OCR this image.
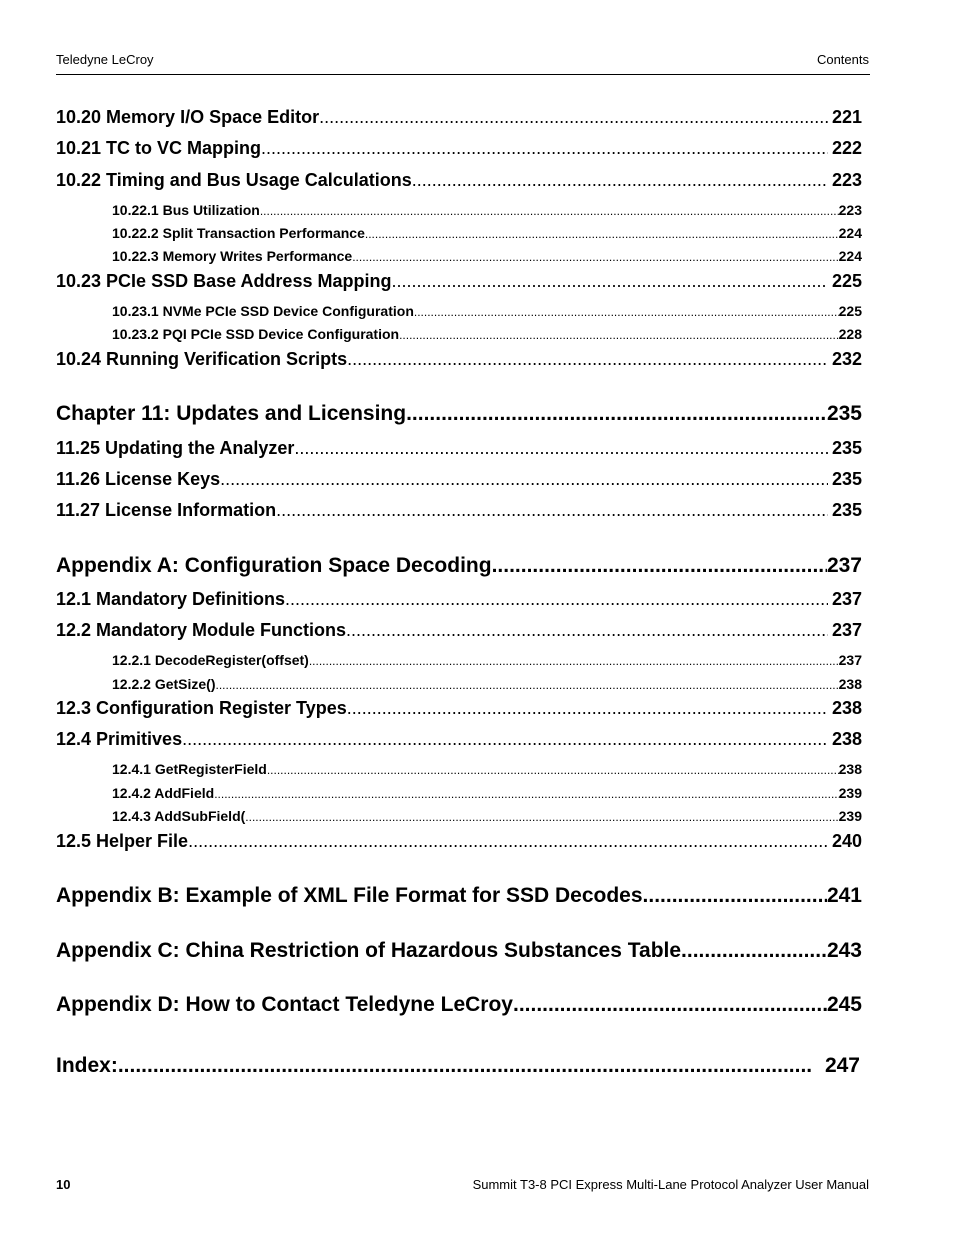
Teledyne LeCroy	Contents
10.20 Memory I/O Space Editor .....	221
10.21 TC to VC Mapping .....	222
10.22 Timing and Bus Usage Calculations .....	223
10.22.1 Bus Utilization .....	223
10.22.2 Split Transaction Performance .....	224
10.22.3 Memory Writes Performance .....	224
10.23 PCIe SSD Base Address Mapping .....	225
10.23.1 NVMe PCIe SSD Device Configuration .....	225
10.23.2 PQI PCIe SSD Device Configuration .....	228
10.24 Running Verification Scripts .....	232
Chapter 11: Updates and Licensing .....	235
11.25 Updating the Analyzer .....	235
11.26 License Keys .....	235
11.27 License Information .....	235
Appendix A: Configuration Space Decoding .....	237
12.1 Mandatory Definitions .....	237
12.2 Mandatory Module Functions .....	237
12.2.1 DecodeRegister(offset) .....	237
12.2.2 GetSize() .....	238
12.3 Configuration Register Types .....	238
12.4 Primitives .....	238
12.4.1 GetRegisterField .....	238
12.4.2 AddField .....	239
12.4.3 AddSubField( .....	239
12.5 Helper File .....	240
Appendix B: Example of XML File Format for SSD Decodes .....	241
Appendix C: China Restriction of Hazardous Substances Table .....	243
Appendix D: How to Contact Teledyne LeCroy .....	245
Index: .....	247
10	Summit T3-8 PCI Express Multi-Lane Protocol Analyzer User Manual
